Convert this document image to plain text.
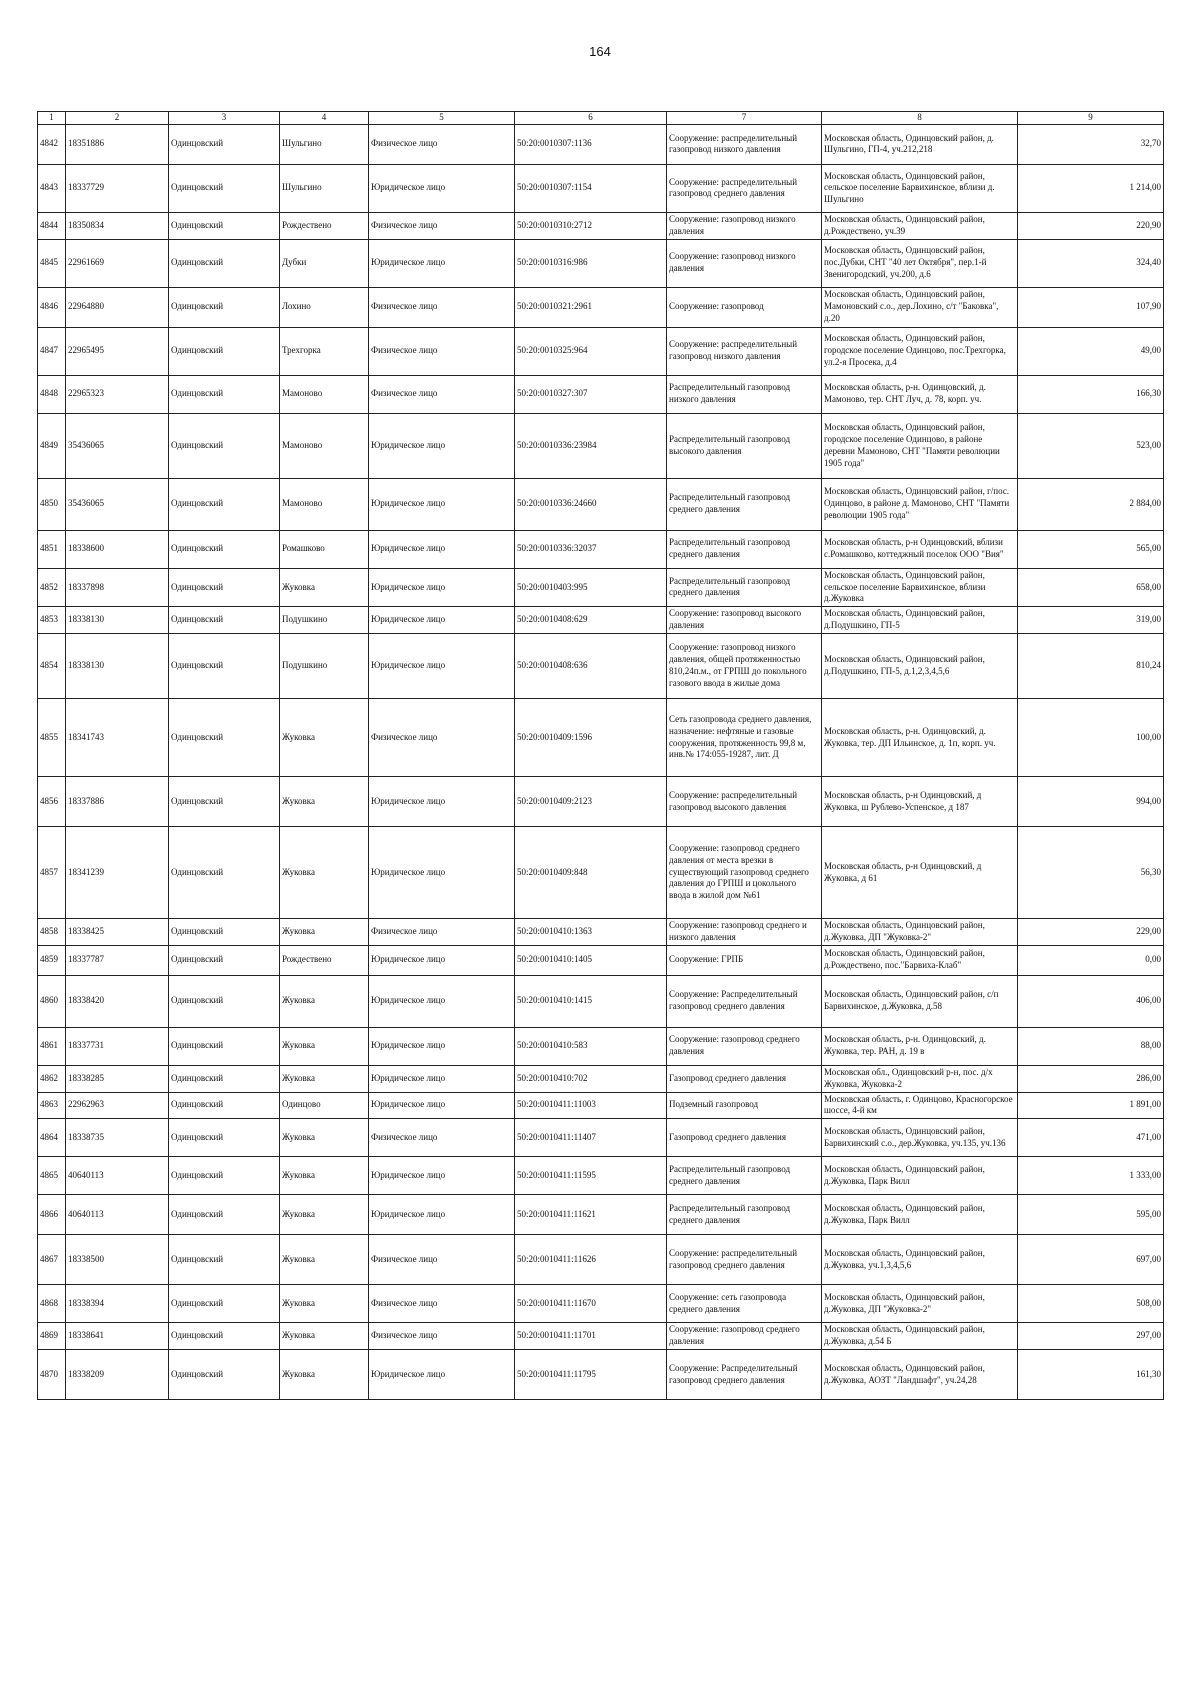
164
1	2	3	4	5	6	7	8	9
4842	18351886	Одинцовский	Шульгино	Физическое лицо	50:20:0010307:1136	Сооружение: распределительный газопровод низкого давления	Московская область, Одинцовский район, д. Шульгино, ГП-4, уч.212,218	32,70
4843	18337729	Одинцовский	Шульгино	Юридическое лицо	50:20:0010307:1154	Сооружение: распределительный газопровод среднего давления	Московская область, Одинцовский район, сельское поселение Барвихинское, вблизи д. Шульгино	1 214,00
4844	18350834	Одинцовский	Рождествено	Физическое лицо	50:20:0010310:2712	Сооружение: газопровод низкого давления	Московская область, Одинцовский район, д.Рождествено, уч.39	220,90
4845	22961669	Одинцовский	Дубки	Юридическое лицо	50:20:0010316:986	Сооружение: газопровод низкого давления	Московская область, Одинцовский район, пос.Дубки, СНТ "40 лет Октября", пер.1-й Звенигородский, уч.200, д.6	324,40
4846	22964880	Одинцовский	Лохино	Физическое лицо	50:20:0010321:2961	Сооружение: газопровод	Московская область, Одинцовский район, Мамоновский с.о., дер.Лохино, с/т "Баковка", д.20	107,90
4847	22965495	Одинцовский	Трехгорка	Физическое лицо	50:20:0010325:964	Сооружение: распределительный газопровод низкого давления	Московская область, Одинцовский район, городское поселение Одинцово, пос.Трехгорка, ул.2-я Просека, д.4	49,00
4848	22965323	Одинцовский	Мамоново	Физическое лицо	50:20:0010327:307	Распределительный газопровод низкого давления	Московская область, р-н. Одинцовский, д. Мамоново, тер. СНТ Луч, д. 78, корп. уч.	166,30
4849	35436065	Одинцовский	Мамоново	Юридическое лицо	50:20:0010336:23984	Распределительный газопровод высокого давления	Московская область, Одинцовский район, городское поселение Одинцово, в районе деревни Мамоново, СНТ "Памяти революции 1905 года"	523,00
4850	35436065	Одинцовский	Мамоново	Юридическое лицо	50:20:0010336:24660	Распределительный газопровод среднего давления	Московская область, Одинцовский район, г/пос. Одинцово, в районе д. Мамоново, СНТ "Памяти революции 1905 года"	2 884,00
4851	18338600	Одинцовский	Ромашково	Юридическое лицо	50:20:0010336:32037	Распределительный газопровод среднего давления	Московская область, р-н Одинцовский, вблизи с.Ромашково, коттеджный поселок ООО "Вия"	565,00
4852	18337898	Одинцовский	Жуковка	Юридическое лицо	50:20:0010403:995	Распределительный газопровод среднего давления	Московская область, Одинцовский район, сельское поселение Барвихинское, вблизи д.Жуковка	658,00
4853	18338130	Одинцовский	Подушкино	Юридическое лицо	50:20:0010408:629	Сооружение: газопровод высокого давления	Московская область, Одинцовский район, д.Подушкино, ГП-5	319,00
4854	18338130	Одинцовский	Подушкино	Юридическое лицо	50:20:0010408:636	Сооружение: газопровод низкого давления, общей протяженностью 810,24п.м., от ГРПШ до покольного газового ввода в жилые дома	Московская область, Одинцовский район, д.Подушкино, ГП-5, д.1,2,3,4,5,6	810,24
4855	18341743	Одинцовский	Жуковка	Физическое лицо	50:20:0010409:1596	Сеть газопровода среднего давления, назначение: нефтяные и газовые сооружения, протяженность 99,8 м, инв.№ 174:055-19287, лит. Д	Московская область, р-н. Одинцовский, д. Жуковка, тер. ДП Ильинское, д. 1п, корп. уч.	100,00
4856	18337886	Одинцовский	Жуковка	Юридическое лицо	50:20:0010409:2123	Сооружение: распределительный газопровод высокого давления	Московская область, р-н Одинцовский, д Жуковка, ш Рублево-Успенское, д 187	994,00
4857	18341239	Одинцовский	Жуковка	Юридическое лицо	50:20:0010409:848	Сооружение: газопровод среднего давления от места врезки в существующий газопровод среднего давления до ГРПШ и цокольного ввода в жилой дом №61	Московская область, р-н Одинцовский, д Жуковка, д 61	56,30
4858	18338425	Одинцовский	Жуковка	Физическое лицо	50:20:0010410:1363	Сооружение: газопровод среднего и низкого давления	Московская область, Одинцовский район, д.Жуковка, ДП "Жуковка-2"	229,00
4859	18337787	Одинцовский	Рождествено	Юридическое лицо	50:20:0010410:1405	Сооружение: ГРПБ	Московская область, Одинцовский район, д.Рождествено, пос."Барвиха-Клаб"	0,00
4860	18338420	Одинцовский	Жуковка	Юридическое лицо	50:20:0010410:1415	Сооружение: Распределительный газопровод среднего давления	Московская область, Одинцовский район, с/п Барвихинское, д.Жуковка, д.58	406,00
4861	18337731	Одинцовский	Жуковка	Юридическое лицо	50:20:0010410:583	Сооружение: газопровод среднего давления	Московская область, р-н. Одинцовский, д. Жуковка, тер. РАН, д. 19 в	88,00
4862	18338285	Одинцовский	Жуковка	Юридическое лицо	50:20:0010410:702	Газопровод среднего давления	Московская обл., Одинцовский р-н, пос. д/х Жуковка, Жуковка-2	286,00
4863	22962963	Одинцовский	Одинцово	Юридическое лицо	50:20:0010411:11003	Подземный газопровод	Московская область, г. Одинцово, Красногорское шоссе, 4-й км	1 891,00
4864	18338735	Одинцовский	Жуковка	Физическое лицо	50:20:0010411:11407	Газопровод среднего давления	Московская область, Одинцовский район, Барвихинский с.о., дер.Жуковка, уч.135, уч.136	471,00
4865	40640113	Одинцовский	Жуковка	Юридическое лицо	50:20:0010411:11595	Распределительный газопровод среднего давления	Московская область, Одинцовский район, д.Жуковка, Парк Вилл	1 333,00
4866	40640113	Одинцовский	Жуковка	Юридическое лицо	50:20:0010411:11621	Распределительный газопровод среднего давления	Московская область, Одинцовский район, д.Жуковка, Парк Вилл	595,00
4867	18338500	Одинцовский	Жуковка	Физическое лицо	50:20:0010411:11626	Сооружение: распределительный газопровод среднего давления	Московская область, Одинцовский район, д.Жуковка, уч.1,3,4,5,6	697,00
4868	18338394	Одинцовский	Жуковка	Физическое лицо	50:20:0010411:11670	Сооружение: сеть газопровода среднего давления	Московская область, Одинцовский район, д.Жуковка, ДП "Жуковка-2"	508,00
4869	18338641	Одинцовский	Жуковка	Физическое лицо	50:20:0010411:11701	Сооружение: газопровод среднего давления	Московская область, Одинцовский район, д.Жуковка, д.54 Б	297,00
4870	18338209	Одинцовский	Жуковка	Юридическое лицо	50:20:0010411:11795	Сооружение: Распределительный газопровод среднего давления	Московская область, Одинцовский район, д.Жуковка, АОЗТ "Ландшафт", уч.24,28	161,30
